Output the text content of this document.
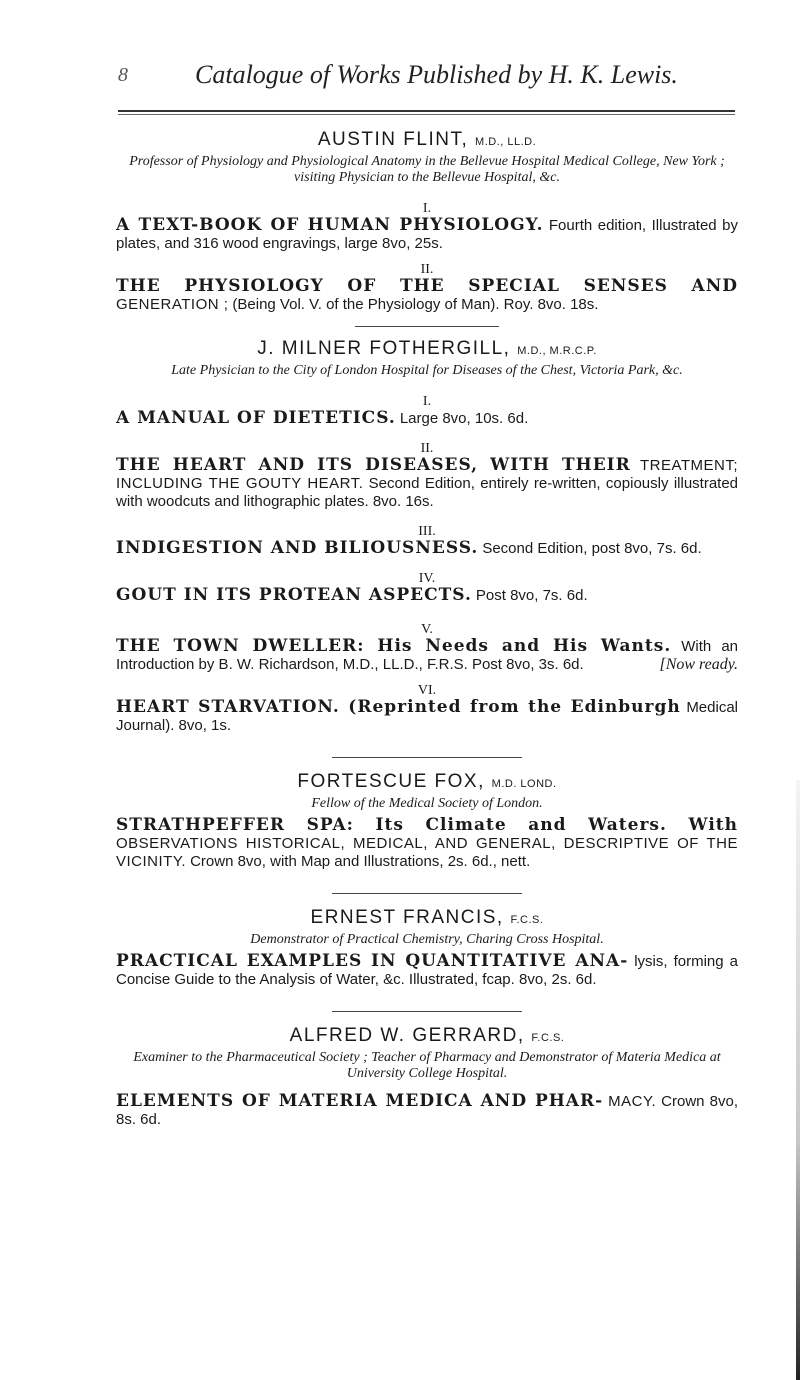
8	Catalogue of Works Published by H. K. Lewis.

AUSTIN FLINT, M.D., LL.D.

Professor of Physiology and Physiological Anatomy in the Bellevue Hospital Medical College, New York ; visiting Physician to the Bellevue Hospital, &c.

I.

A TEXT-BOOK OF HUMAN PHYSIOLOGY. Fourth edition, Illustrated by plates, and 316 wood engravings, large 8vo, 25s.

II.

THE PHYSIOLOGY OF THE SPECIAL SENSES AND GENERATION ; (Being Vol. V. of the Physiology of Man). Roy. 8vo. 18s.

J. MILNER FOTHERGILL, M.D., M.R.C.P.

Late Physician to the City of London Hospital for Diseases of the Chest, Victoria Park, &c.

I.

A MANUAL OF DIETETICS. Large 8vo, 10s. 6d.

II.

THE HEART AND ITS DISEASES, WITH THEIR TREATMENT; INCLUDING THE GOUTY HEART. Second Edition, entirely re-written, copiously illustrated with woodcuts and lithographic plates. 8vo. 16s.

III.

INDIGESTION AND BILIOUSNESS. Second Edition, post 8vo, 7s. 6d.

IV.

GOUT IN ITS PROTEAN ASPECTS. Post 8vo, 7s. 6d.

V.

THE TOWN DWELLER: His Needs and His Wants. With an Introduction by B. W. Richardson, M.D., LL.D., F.R.S. Post 8vo, 3s. 6d.	[Now ready.

VI.

HEART STARVATION. (Reprinted from the Edinburgh Medical Journal). 8vo, 1s.

FORTESCUE FOX, M.D. LOND.

Fellow of the Medical Society of London.

STRATHPEFFER SPA: Its Climate and Waters. With OBSERVATIONS HISTORICAL, MEDICAL, AND GENERAL, DESCRIPTIVE OF THE VICINITY. Crown 8vo, with Map and Illustrations, 2s. 6d., nett.

ERNEST FRANCIS, F.C.S.

Demonstrator of Practical Chemistry, Charing Cross Hospital.

PRACTICAL EXAMPLES IN QUANTITATIVE ANA- lysis, forming a Concise Guide to the Analysis of Water, &c. Illustrated, fcap. 8vo, 2s. 6d.

ALFRED W. GERRARD, F.C.S.

Examiner to the Pharmaceutical Society ; Teacher of Pharmacy and Demonstrator of Materia Medica at University College Hospital.

ELEMENTS OF MATERIA MEDICA AND PHAR- MACY. Crown 8vo, 8s. 6d.
